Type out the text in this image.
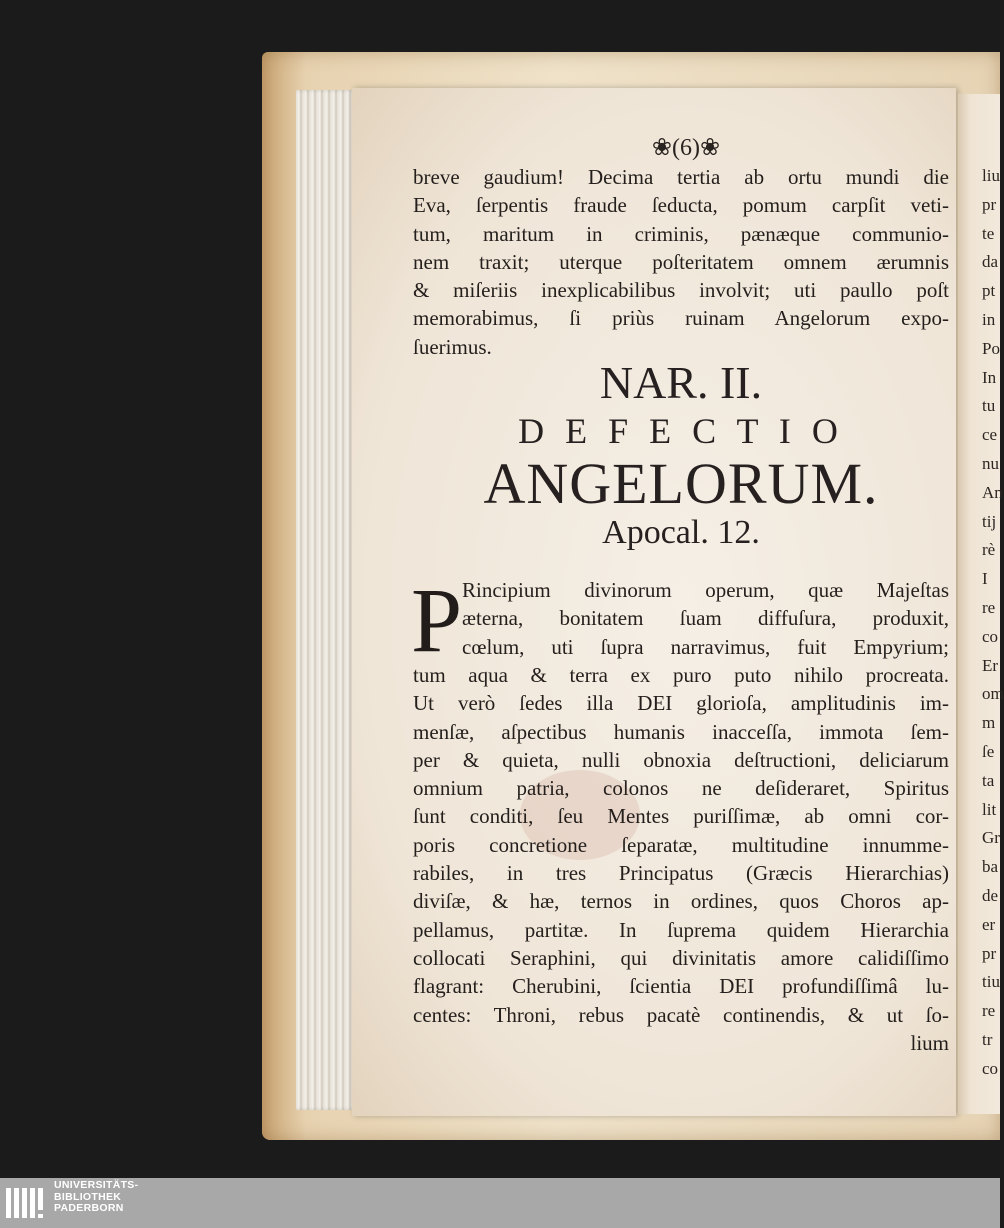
liu
pr
te
da
pt
in
Po
In
tu
ce
nu
An
tij
rè
I
re
co
Er
om
m
ſe
ta
lit
Gr
ba
de
er
pr
tiu
re
tr
co
❀(6)❀
breve gaudium! Decima tertia ab ortu mundi die
Eva, ſerpentis fraude ſeducta, pomum carpſit veti-
tum, maritum in criminis, pænæque communio-
nem traxit; uterque poſteritatem omnem ærumnis
& miſeriis inexplicabilibus involvit; uti paullo poſt
memorabimus, ſi priùs ruinam Angelorum expo-
ſuerimus.
NAR. II.
D E F E C T I O
ANGELORUM.
Apocal. 12.
P Rincipium divinorum operum, quæ Majeſtas
æterna, bonitatem ſuam diffuſura, produxit,
cœlum, uti ſupra narravimus, fuit Empyrium;
tum aqua & terra ex puro puto nihilo procreata.
Ut verò ſedes illa DEI glorioſa, amplitudinis im-
menſæ, aſpectibus humanis inacceſſa, immota ſem-
per & quieta, nulli obnoxia deſtructioni, deliciarum
omnium patria, colonos ne deſideraret, Spiritus
ſunt conditi, ſeu Mentes puriſſimæ, ab omni cor-
poris concretione ſeparatæ, multitudine innumme-
rabiles, in tres Principatus (Græcis Hierarchias)
diviſæ, & hæ, ternos in ordines, quos Choros ap-
pellamus, partitæ. In ſuprema quidem Hierarchia
collocati Seraphini, qui divinitatis amore calidiſſimo
flagrant: Cherubini, ſcientia DEI profundiſſimâ lu-
centes: Throni, rebus pacatè continendis, & ut ſo-
lium
UNIVERSITÄTS-
BIBLIOTHEK
PADERBORN
